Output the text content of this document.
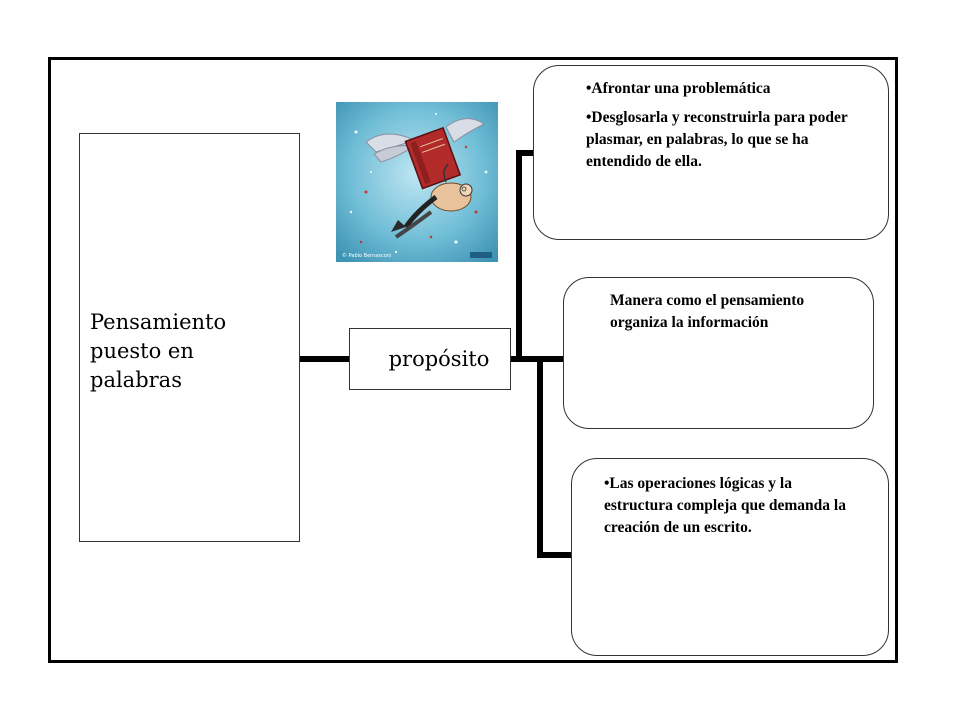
Pensamiento puesto en palabras
propósito
© Pablo Bernasconi

•Afrontar una problemática

•Desglosarla y reconstruirla para poder plasmar, en palabras, lo que se ha entendido de ella.

Manera como el pensamiento organiza la información

•Las operaciones lógicas y la estructura compleja que demanda la creación de un escrito.
